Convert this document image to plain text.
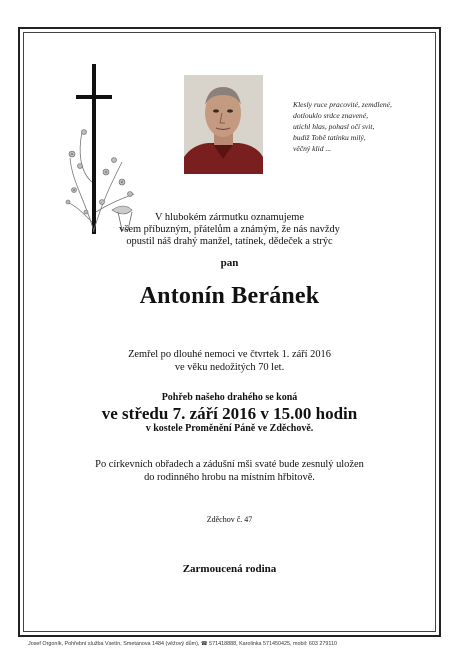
Klesly ruce pracovité, zemdlené,
dotlouklo srdce znavené,
utichl hlas, pohasl očí svit,
budiž Tobě tatínku milý,
věčný klid ...
V hlubokém zármutku oznamujeme
všem příbuzným, přátelům a známým, že nás navždy
opustil náš drahý manžel, tatínek, dědeček a strýc
pan
Antonín Beránek
Zemřel po dlouhé nemoci ve čtvrtek 1. září 2016
ve věku nedožitých 70 let.
Pohřeb našeho drahého se koná
ve středu 7. září 2016 v 15.00 hodin
v kostele Proměnění Páně ve Zděchově.
Po církevních obřadech a zádušní mši svaté bude zesnulý uložen
do rodinného hrobu na místním hřbitově.
Zděchov č. 47
Zarmoucená rodina
Josef Orgoník, Pohřební služba Vsetín, Smetanova 1484 (věžový dům), ☎ 571418888, Karolinka 571450425, mobil: 603 279110
